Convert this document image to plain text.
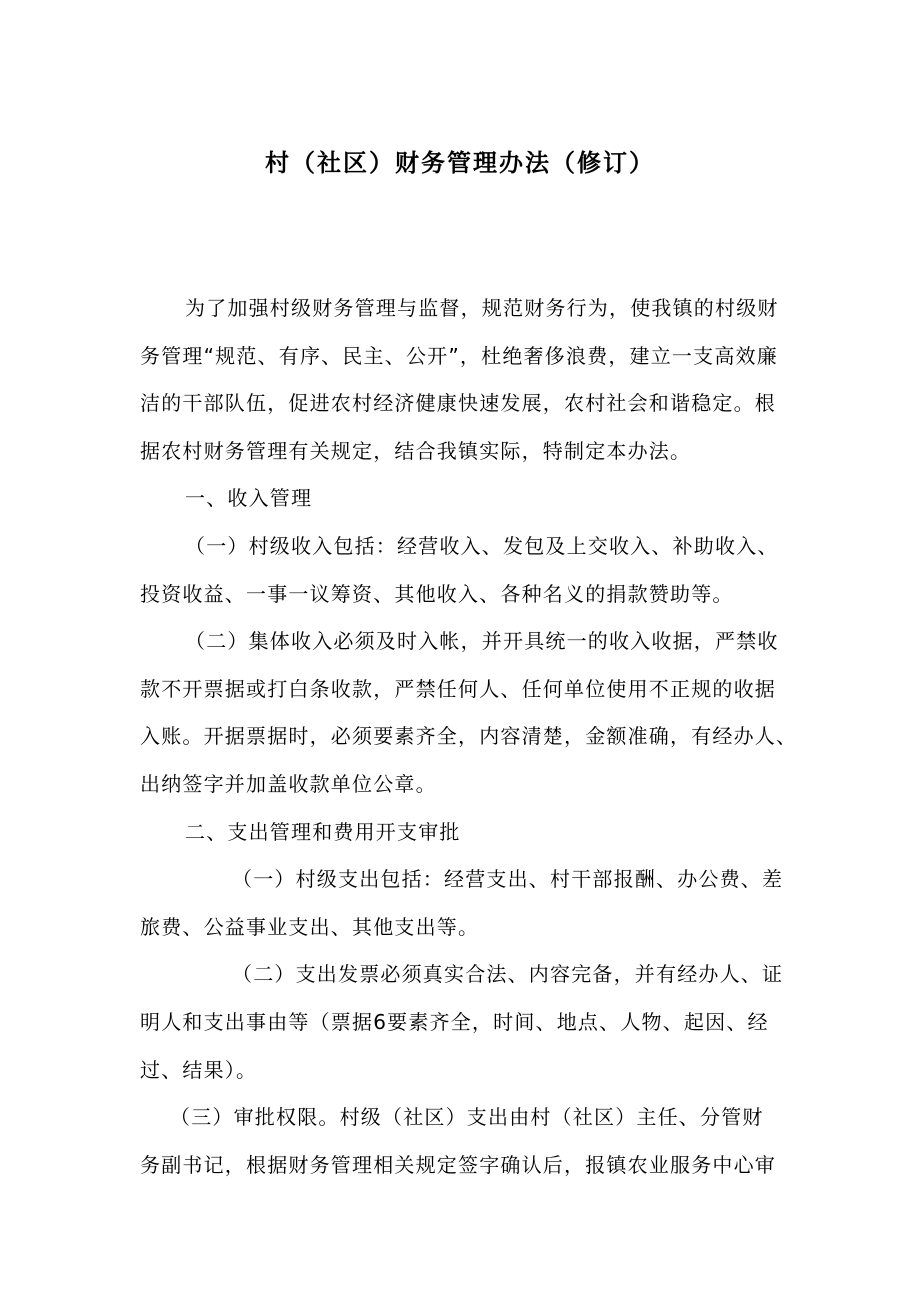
村（社区）财务管理办法（修订）
为了加强村级财务管理与监督，规范财务行为，使我镇的村级财
务管理“规范、有序、民主、公开”，杜绝奢侈浪费，建立一支高效廉
洁的干部队伍，促进农村经济健康快速发展，农村社会和谐稳定。根
据农村财务管理有关规定，结合我镇实际，特制定本办法。
一、收入管理
（一）村级收入包括：经营收入、发包及上交收入、补助收入、
投资收益、一事一议筹资、其他收入、各种名义的捐款赞助等。
（二）集体收入必须及时入帐，并开具统一的收入收据，严禁收
款不开票据或打白条收款，严禁任何人、任何单位使用不正规的收据
入账。开据票据时，必须要素齐全，内容清楚，金额准确，有经办人、
出纳签字并加盖收款单位公章。
二、支出管理和费用开支审批
（一）村级支出包括：经营支出、村干部报酬、办公费、差
旅费、公益事业支出、其他支出等。
（二）支出发票必须真实合法、内容完备，并有经办人、证
明人和支出事由等（票据6要素齐全，时间、地点、人物、起因、经
过、结果）。
（三）审批权限。村级（社区）支出由村（社区）主任、分管财
务副书记，根据财务管理相关规定签字确认后，报镇农业服务中心审
